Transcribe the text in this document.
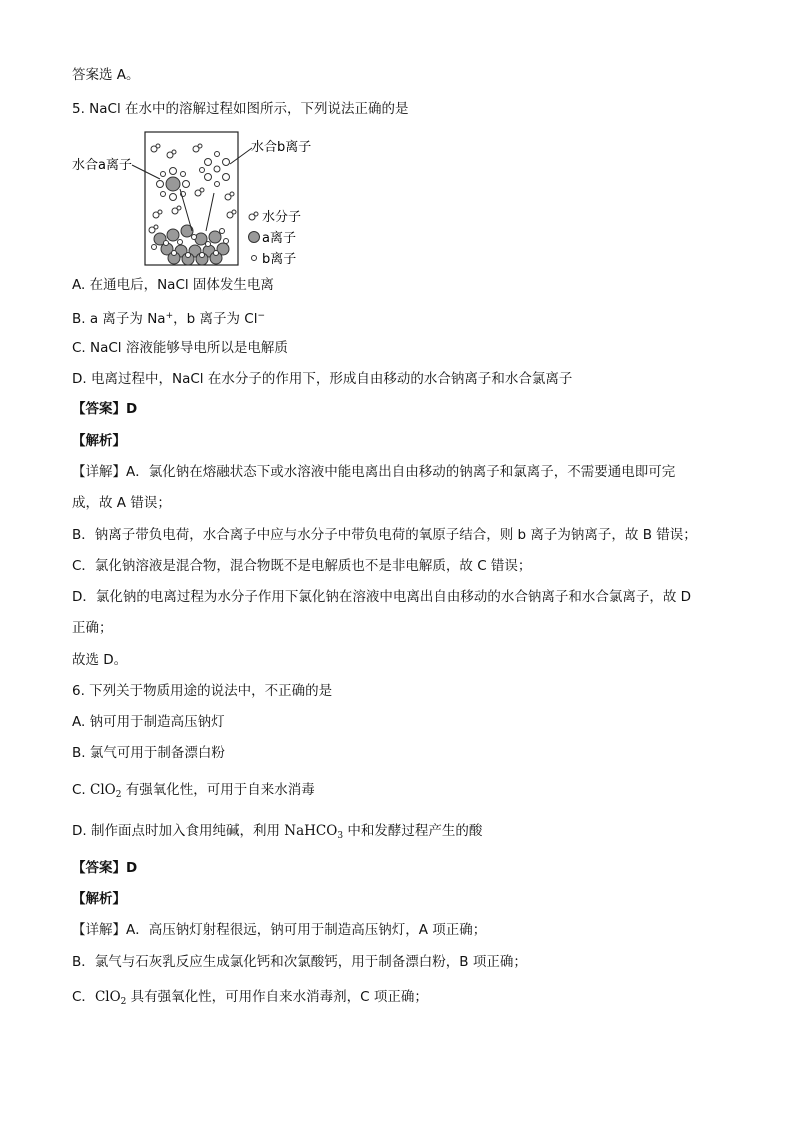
答案选 A。
5. NaCl 在水中的溶解过程如图所示，下列说法正确的是
水合a离子
水合b离子
水分子
a离子
b离子
A. 在通电后，NaCl 固体发生电离
B. a 离子为 Na+，b 离子为 Cl−
C. NaCl 溶液能够导电所以是电解质
D. 电离过程中，NaCl 在水分子的作用下，形成自由移动的水合钠离子和水合氯离子
【答案】D
【解析】
【详解】A．氯化钠在熔融状态下或水溶液中能电离出自由移动的钠离子和氯离子，不需要通电即可完
成，故 A 错误；
B．钠离子带负电荷，水合离子中应与水分子中带负电荷的氧原子结合，则 b 离子为钠离子，故 B 错误；
C．氯化钠溶液是混合物，混合物既不是电解质也不是非电解质，故 C 错误；
D．氯化钠的电离过程为水分子作用下氯化钠在溶液中电离出自由移动的水合钠离子和水合氯离子，故 D
正确；
故选 D。
6. 下列关于物质用途的说法中，不正确的是
A. 钠可用于制造高压钠灯
B. 氯气可用于制备漂白粉
C. ClO$_2$ 有强氧化性，可用于自来水消毒
D. 制作面点时加入食用纯碱，利用 NaHCO$_3$ 中和发酵过程产生的酸
【答案】D
【解析】
【详解】A．高压钠灯射程很远，钠可用于制造高压钠灯，A 项正确；
B．氯气与石灰乳反应生成氯化钙和次氯酸钙，用于制备漂白粉，B 项正确；
C．ClO$_2$ 具有强氧化性，可用作自来水消毒剂，C 项正确；
